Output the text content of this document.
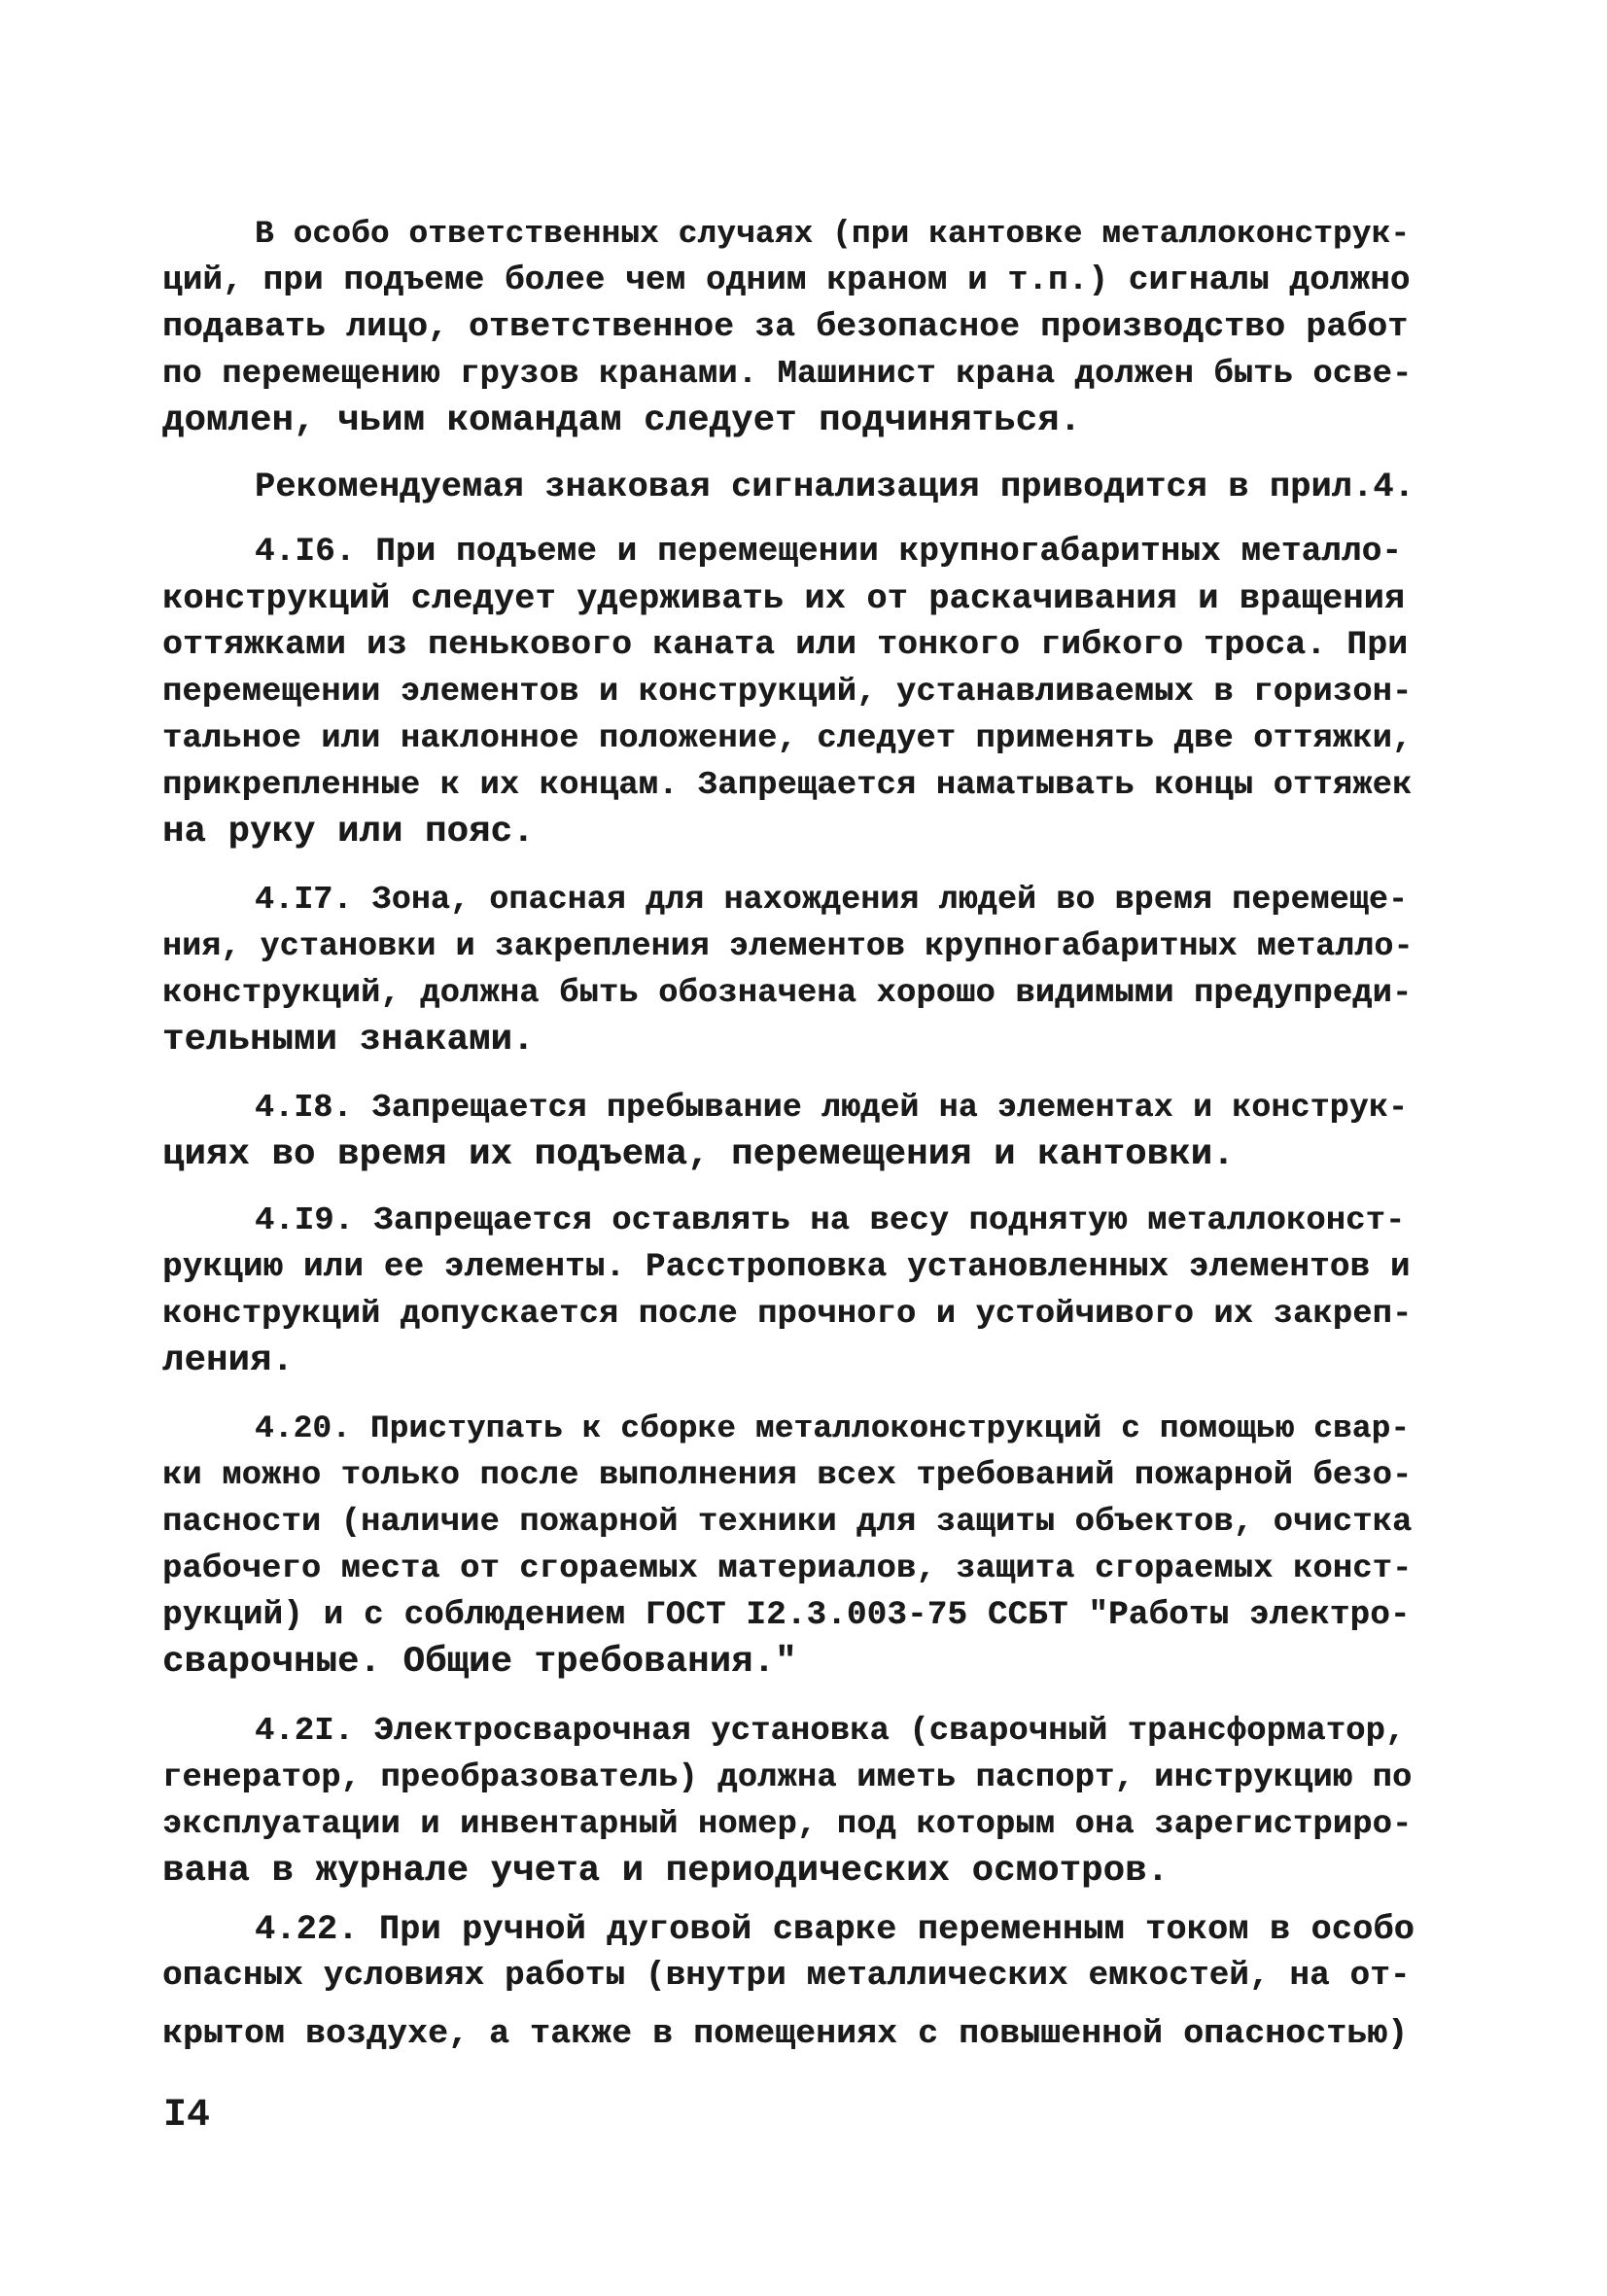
В особо ответственных случаях (при кантовке металлоконструк-
ций, при подъеме более чем одним краном и т.п.) сигналы должно
подавать лицо, ответственное за безопасное производство работ
по перемещению грузов кранами. Машинист крана должен быть осве-
домлен, чьим командам следует подчиняться.
Рекомендуемая знаковая сигнализация приводится в прил.4.
4.I6. При подъеме и перемещении крупногабаритных металло-
конструкций следует удерживать их от раскачивания и вращения
оттяжками из пенькового каната или тонкого гибкого троса. При
перемещении элементов и конструкций, устанавливаемых в горизон-
тальное или наклонное положение, следует применять две оттяжки,
прикрепленные к их концам. Запрещается наматывать концы оттяжек
на руку или пояс.
4.I7. Зона, опасная для нахождения людей во время перемеще-
ния, установки и закрепления элементов крупногабаритных металло-
конструкций, должна быть обозначена хорошо видимыми предупреди-
тельными знаками.
4.I8. Запрещается пребывание людей на элементах и конструк-
циях во время их подъема, перемещения и кантовки.
4.I9. Запрещается оставлять на весу поднятую металлоконст-
рукцию или ее элементы. Расстроповка установленных элементов и
конструкций допускается после прочного и устойчивого их закреп-
ления.
4.20. Приступать к сборке металлоконструкций с помощью свар-
ки можно только после выполнения всех требований пожарной безо-
пасности (наличие пожарной техники для защиты объектов, очистка
рабочего места от сгораемых материалов, защита сгораемых конст-
рукций) и с соблюдением ГОСТ I2.3.003-75 ССБТ "Работы электро-
сварочные. Общие требования."
4.2I. Электросварочная установка (сварочный трансформатор,
генератор, преобразователь) должна иметь паспорт, инструкцию по
эксплуатации и инвентарный номер, под которым она зарегистриро-
вана в журнале учета и периодических осмотров.
4.22. При ручной дуговой сварке переменным током в особо
опасных условиях работы (внутри металлических емкостей, на от-
крытом воздухе, а также в помещениях с повышенной опасностью)
I4
